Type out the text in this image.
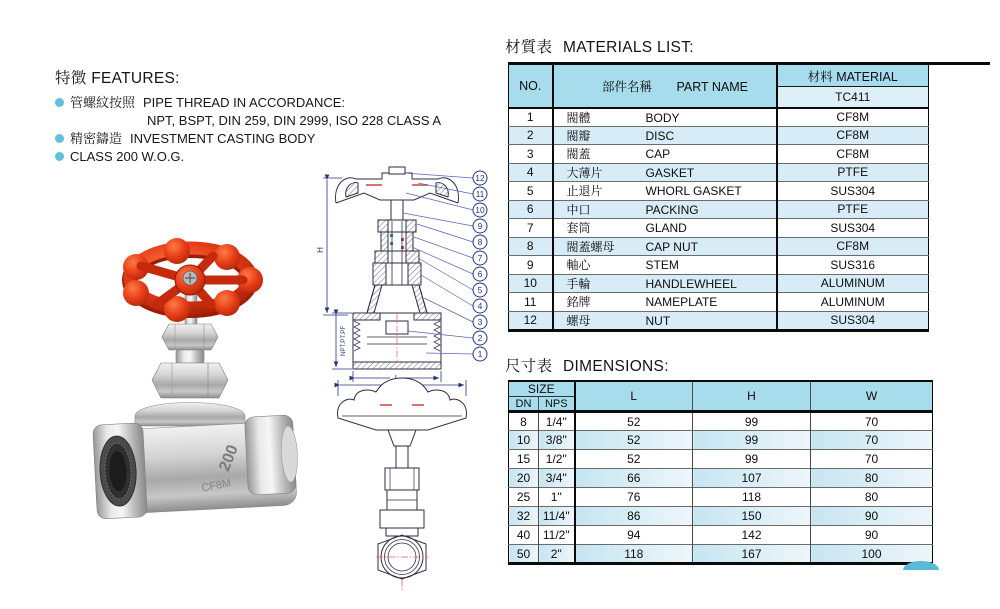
特徴 FEATURES:
管螺紋按照 PIPE THREAD IN ACCORDANCE:
NPT, BSPT, DIN 259, DIN 2999, ISO 228 CLASS A
精密鑄造 INVESTMENT CASTING BODY
CLASS 200 W.O.G.
200
CF8M
H
NPT.PT.PF
12
11
10
9
8
7
6
5
4
3
2
1
材質表 MATERIALS LIST:
NO.	部件名稱 PART NAME	材料 MATERIAL
		TC411
1	閥體 BODY	CF8M
2	閥瓣 DISC	CF8M
3	閥蓋 CAP	CF8M
4	大薄片 GASKET	PTFE
5	止退片 WHORL GASKET	SUS304
6	中口 PACKING	PTFE
7	套筒 GLAND	SUS304
8	閥蓋螺母 CAP NUT	CF8M
9	軸心 STEM	SUS316
10	手輪 HANDLEWHEEL	ALUMINUM
11	銘牌 NAMEPLATE	ALUMINUM
12	螺母 NUT	SUS304
尺寸表 DIMENSIONS:
SIZE		L	H	W
DN	NPS			
8	1/4"	52	99	70
10	3/8"	52	99	70
15	1/2"	52	99	70
20	3/4"	66	107	80
25	1"	76	118	80
32	11/4"	86	150	90
40	11/2"	94	142	90
50	2"	118	167	100
